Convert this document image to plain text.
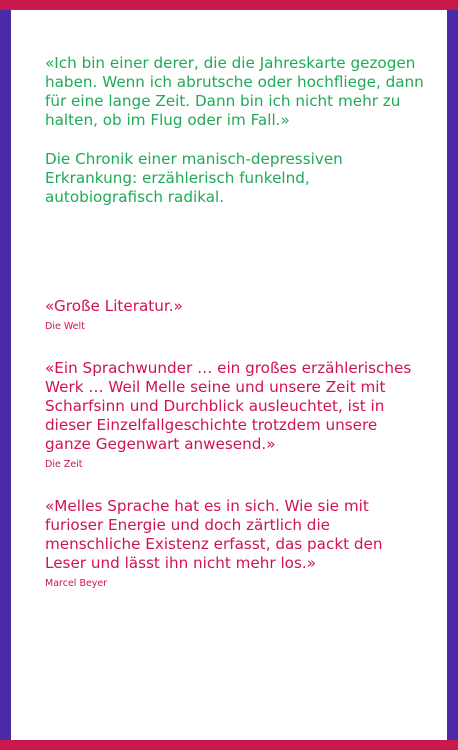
«Ich bin einer derer, die die Jahreskarte gezogen haben. Wenn ich abrutsche oder hochfliege, dann für eine lange Zeit. Dann bin ich nicht mehr zu halten, ob im Flug oder im Fall.»

Die Chronik einer manisch-depressiven Erkrankung: erzählerisch funkelnd, autobiografisch radikal.

«Große Literatur.»

Die Welt

«Ein Sprachwunder … ein großes erzählerisches Werk … Weil Melle seine und unsere Zeit mit Scharfsinn und Durchblick ausleuchtet, ist in dieser Einzelfallgeschichte trotzdem unsere ganze Gegenwart anwesend.»

Die Zeit

«Melles Sprache hat es in sich. Wie sie mit furioser Energie und doch zärtlich die menschliche Existenz erfasst, das packt den Leser und lässt ihn nicht mehr los.»

Marcel Beyer
